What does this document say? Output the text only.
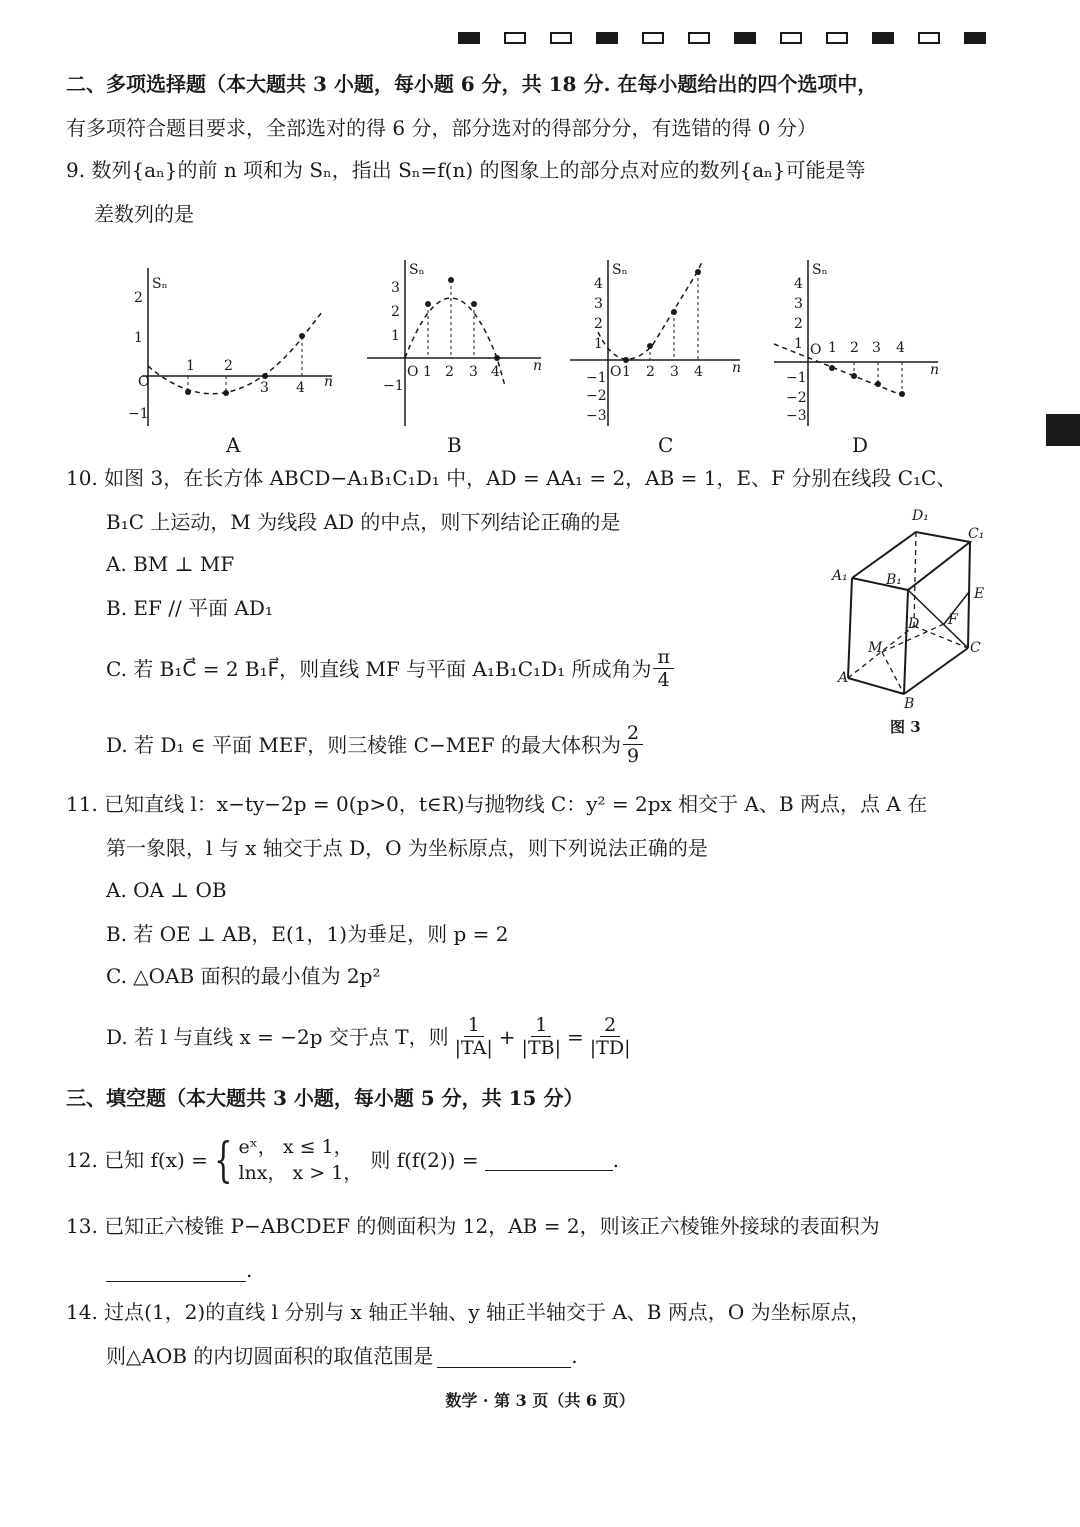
二、多项选择题（本大题共 3 小题，每小题 6 分，共 18 分. 在每小题给出的四个选项中，
有多项符合题目要求，全部选对的得 6 分，部分选对的得部分分，有选错的得 0 分）
9. 数列{aₙ}的前 n 项和为 Sₙ，指出 Sₙ=f(n) 的图象上的部分点对应的数列{aₙ}可能是等
差数列的是
Sₙ
n
2
1
O
−1
1 2
3 4
A
Sₙ
n
3
2
1
−1
O 1 2 3 4
B
Sₙ
n
4
3
2
1
−1
−2
−3
O 1 2 3 4
C
Sₙ
n
4
3
2
1
−1
−2
−3
O 1 2 3 4
D
10. 如图 3，在长方体 ABCD−A₁B₁C₁D₁ 中，AD = AA₁ = 2，AB = 1，E、F 分别在线段 C₁C、
B₁C 上运动，M 为线段 AD 的中点，则下列结论正确的是
A. BM ⊥ MF
B. EF // 平面 AD₁
C. 若 B₁C⃗ = 2 B₁F⃗，则直线 MF 与平面 A₁B₁C₁D₁ 所成角为 $\frac{\pi}{4}$
D. 若 D₁ ∈ 平面 MEF，则三棱锥 C−MEF 的最大体积为 $\frac{2}{9}$
D₁
C₁
A₁	B₁
E
D F
M	C
A
B
图 3
11. 已知直线 l：x−ty−2p = 0(p>0，t∈R)与抛物线 C：y² = 2px 相交于 A、B 两点，点 A 在
第一象限，l 与 x 轴交于点 D，O 为坐标原点，则下列说法正确的是
A. OA ⊥ OB
B. 若 OE ⊥ AB，E(1，1)为垂足，则 p = 2
C. △OAB 面积的最小值为 2p²
D. 若 l 与直线 x = −2p 交于点 T，则 $\frac{1}{|TA|} + \frac{1}{|TB|} = \frac{2}{|TD|}$
三、填空题（本大题共 3 小题，每小题 5 分，共 15 分）
12. 已知 f(x) = { eˣ， x ≤ 1，
lnx， x > 1，
则 f(f(2)) =	.
13. 已知正六棱锥 P−ABCDEF 的侧面积为 12，AB = 2，则该正六棱锥外接球的表面积为
.
14. 过点(1，2)的直线 l 分别与 x 轴正半轴、y 轴正半轴交于 A、B 两点，O 为坐标原点，
则△AOB 的内切圆面积的取值范围是	.
数学 · 第 3 页（共 6 页）
